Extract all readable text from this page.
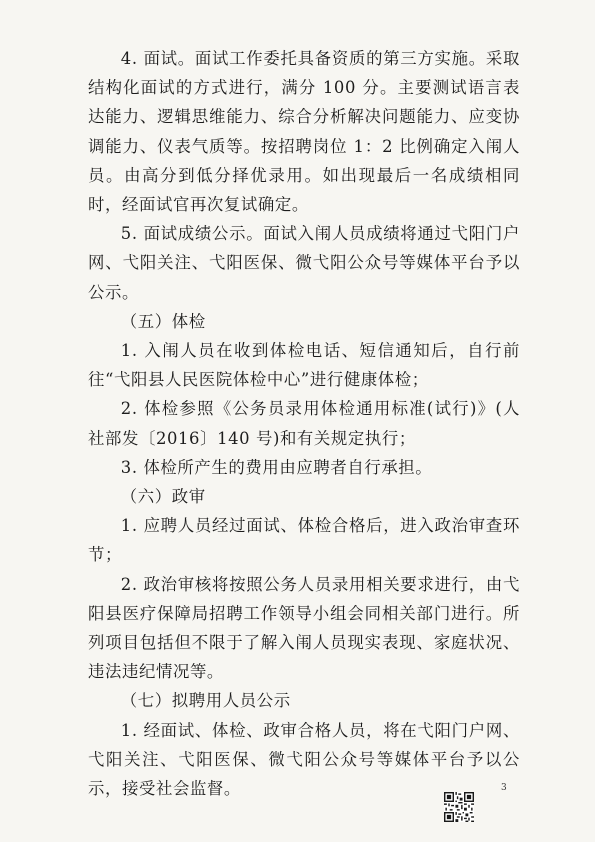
4. 面试。面试工作委托具备资质的第三方实施。采取结构化面试的方式进行，满分 100 分。主要测试语言表达能力、逻辑思维能力、综合分析解决问题能力、应变协调能力、仪表气质等。按招聘岗位 1：2 比例确定入闱人员。由高分到低分择优录用。如出现最后一名成绩相同时，经面试官再次复试确定。

5. 面试成绩公示。面试入闱人员成绩将通过弋阳门户网、弋阳关注、弋阳医保、微弋阳公众号等媒体平台予以公示。

（五）体检

1. 入闱人员在收到体检电话、短信通知后，自行前往“弋阳县人民医院体检中心”进行健康体检；

2. 体检参照《公务员录用体检通用标准(试行)》(人社部发〔2016〕140 号)和有关规定执行；

3. 体检所产生的费用由应聘者自行承担。

（六）政审

1. 应聘人员经过面试、体检合格后，进入政治审查环节；

2. 政治审核将按照公务人员录用相关要求进行，由弋阳县医疗保障局招聘工作领导小组会同相关部门进行。所列项目包括但不限于了解入闱人员现实表现、家庭状况、违法违纪情况等。

（七）拟聘用人员公示

1. 经面试、体检、政审合格人员，将在弋阳门户网、弋阳关注、弋阳医保、微弋阳公众号等媒体平台予以公示，接受社会监督。	3
